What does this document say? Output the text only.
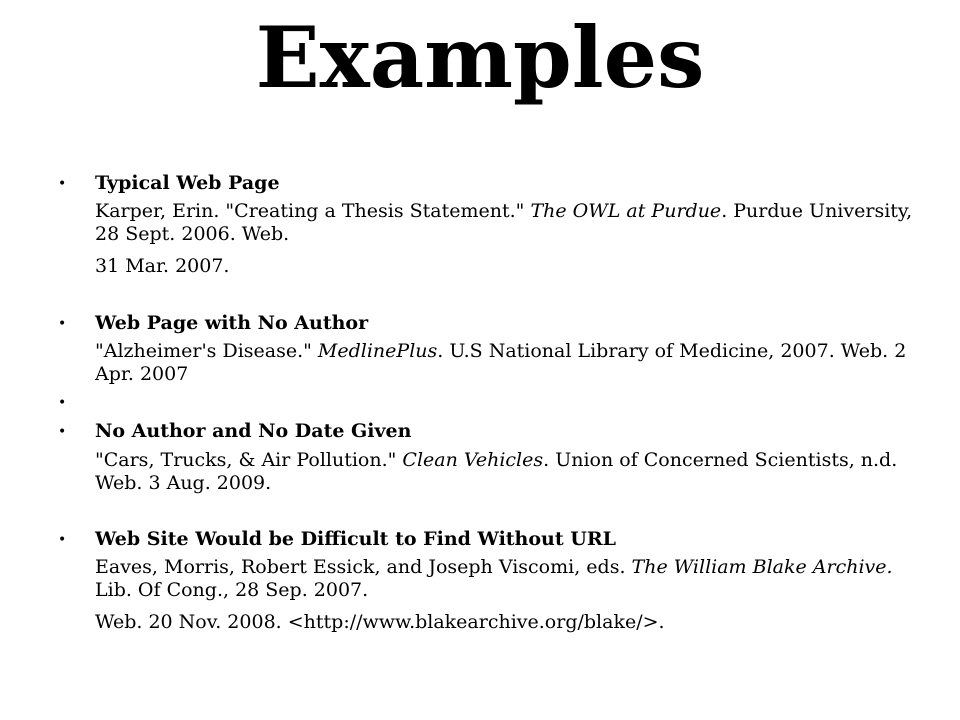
Examples
• Typical Web Page
Karper, Erin. "Creating a Thesis Statement." The OWL at Purdue. Purdue University, 28 Sept. 2006. Web.
31 Mar. 2007.
• Web Page with No Author
"Alzheimer's Disease." MedlinePlus. U.S National Library of Medicine, 2007. Web. 2 Apr. 2007
•
• No Author and No Date Given
"Cars, Trucks, & Air Pollution." Clean Vehicles. Union of Concerned Scientists, n.d. Web. 3 Aug. 2009.
• Web Site Would be Difficult to Find Without URL
Eaves, Morris, Robert Essick, and Joseph Viscomi, eds. The William Blake Archive. Lib. Of Cong., 28 Sep. 2007.
Web. 20 Nov. 2008. <http://www.blakearchive.org/blake/>.
